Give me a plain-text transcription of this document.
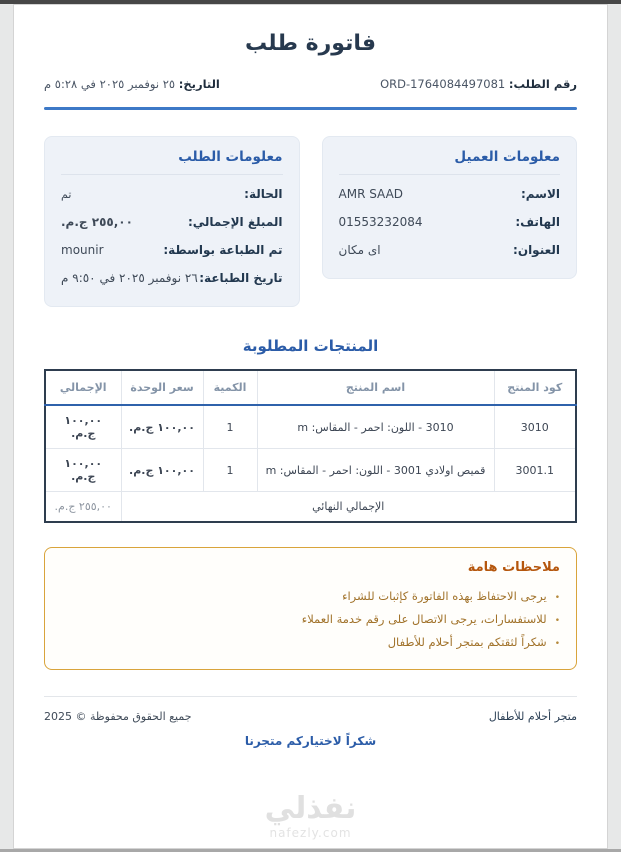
فاتورة طلب
رقم الطلب: ORD-1764084497081
التاريخ: ٢٥ نوفمبر ٢٠٢٥ في ٥:٢٨ م
معلومات العميل
الاسم:
AMR SAAD
الهاتف:
01553232084
العنوان:
اى مكان
معلومات الطلب
الحالة:
تم
المبلغ الإجمالي:
٢٥٥,٠٠ ج.م.
تم الطباعة بواسطة:
mounir
تاريخ الطباعة:
٢٦ نوفمبر ٢٠٢٥ في ٩:٥٠ م
المنتجات المطلوبة
كود المنتج	اسم المنتج	الكمية	سعر الوحدة	الإجمالي
3010	3010 - اللون: احمر - المقاس: m	1	١٠٠,٠٠ ج.م.	١٠٠,٠٠ ج.م.
3001.1	قميص اولادي 3001 - اللون: احمر - المقاس: m	1	١٠٠,٠٠ ج.م.	١٠٠,٠٠ ج.م.
الإجمالي النهائي				٢٥٥,٠٠ ج.م.
ملاحظات هامة
•
يرجى الاحتفاظ بهذه الفاتورة كإثبات للشراء
•
للاستفسارات، يرجى الاتصال على رقم خدمة العملاء
•
شكراً لثقتكم بمتجر أحلام للأطفال
متجر أحلام للأطفال
جميع الحقوق محفوظة © 2025
شكراً لاختياركم متجرنا
نفذلي
nafezly.com
